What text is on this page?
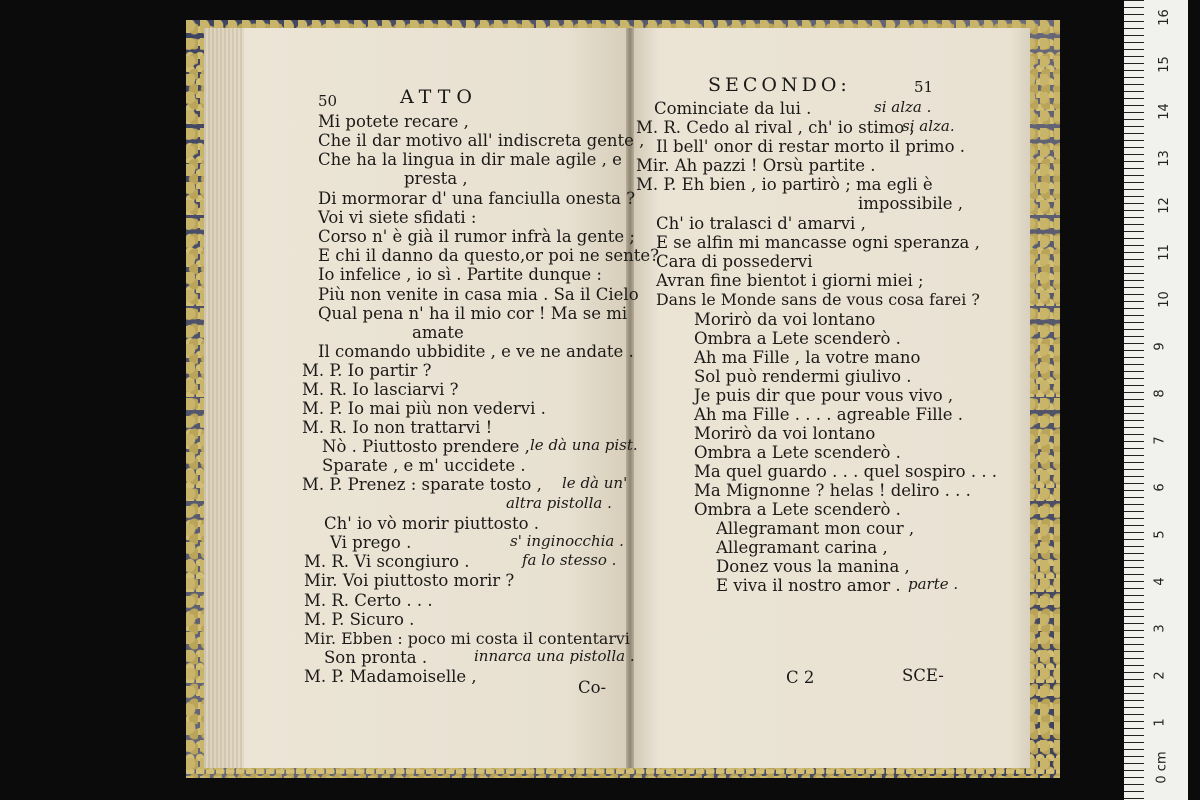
50	ATTO
Mi potete recare ,
Che il dar motivo all' indiscreta gente ,
Che ha la lingua in dir male agile , e
presta ,
Di mormorar d' una fanciulla onesta ?
Voi vi siete sfidati :
Corso n' è già il rumor infrà la gente ;
E chi il danno da questo,or poi ne sente?
Io infelice , io sì . Partite dunque :
Più non venite in casa mia . Sa il Cielo
Qual pena n' ha il mio cor ! Ma se mi
amate
Il comando ubbidite , e ve ne andate .
M. P. Io partir ?
M. R. Io lasciarvi ?
M. P. Io mai più non vedervi .
M. R. Io non trattarvi !
Nò . Piuttosto prendere , le dà una pist.
Sparate , e m' uccidete .
M. P. Prenez : sparate tosto , le dà un'
altra pistolla .
Ch' io vò morir piuttosto .
Vi prego .	s' inginocchia .
M. R. Vi scongiuro .	fa lo stesso .
Mir. Voi piuttosto morir ?
M. R. Certo . . .
M. P. Sicuro .
Mir. Ebben : poco mi costa il contentarvi
Son pronta .	innarca una pistolla .
M. P. Madamoiselle ,
Co-
SECONDO:	51
Cominciate da lui .	si alza .
M. R. Cedo al rival , ch' io stimo ,
si alza.
Il bell' onor di restar morto il primo .
Mir. Ah pazzi ! Orsù partite .
M. P. Eh bien , io partirò ; ma egli è
impossibile ,
Ch' io tralasci d' amarvi ,
E se alfin mi mancasse ogni speranza ,
Cara di possedervi
Avran fine bientot i giorni miei ;
Dans le Monde sans de vous cosa farei ?
Morirò da voi lontano
Ombra a Lete scenderò .
Ah ma Fille , la votre mano
Sol può rendermi giulivo .
Je puis dir que pour vous vivo ,
Ah ma Fille . . . . agreable Fille .
Morirò da voi lontano
Ombra a Lete scenderò .
Ma quel guardo . . . quel sospiro . . .
Ma Mignonne ? helas ! deliro . . .
Ombra a Lete scenderò .
Allegramant mon cour ,
Allegramant carina ,
Donez vous la manina ,
E viva il nostro amor . parte .
C 2	SCE-
16
15
14
13
12
11
10
9
8
7
6
5
4
3
2
1
0 cm
